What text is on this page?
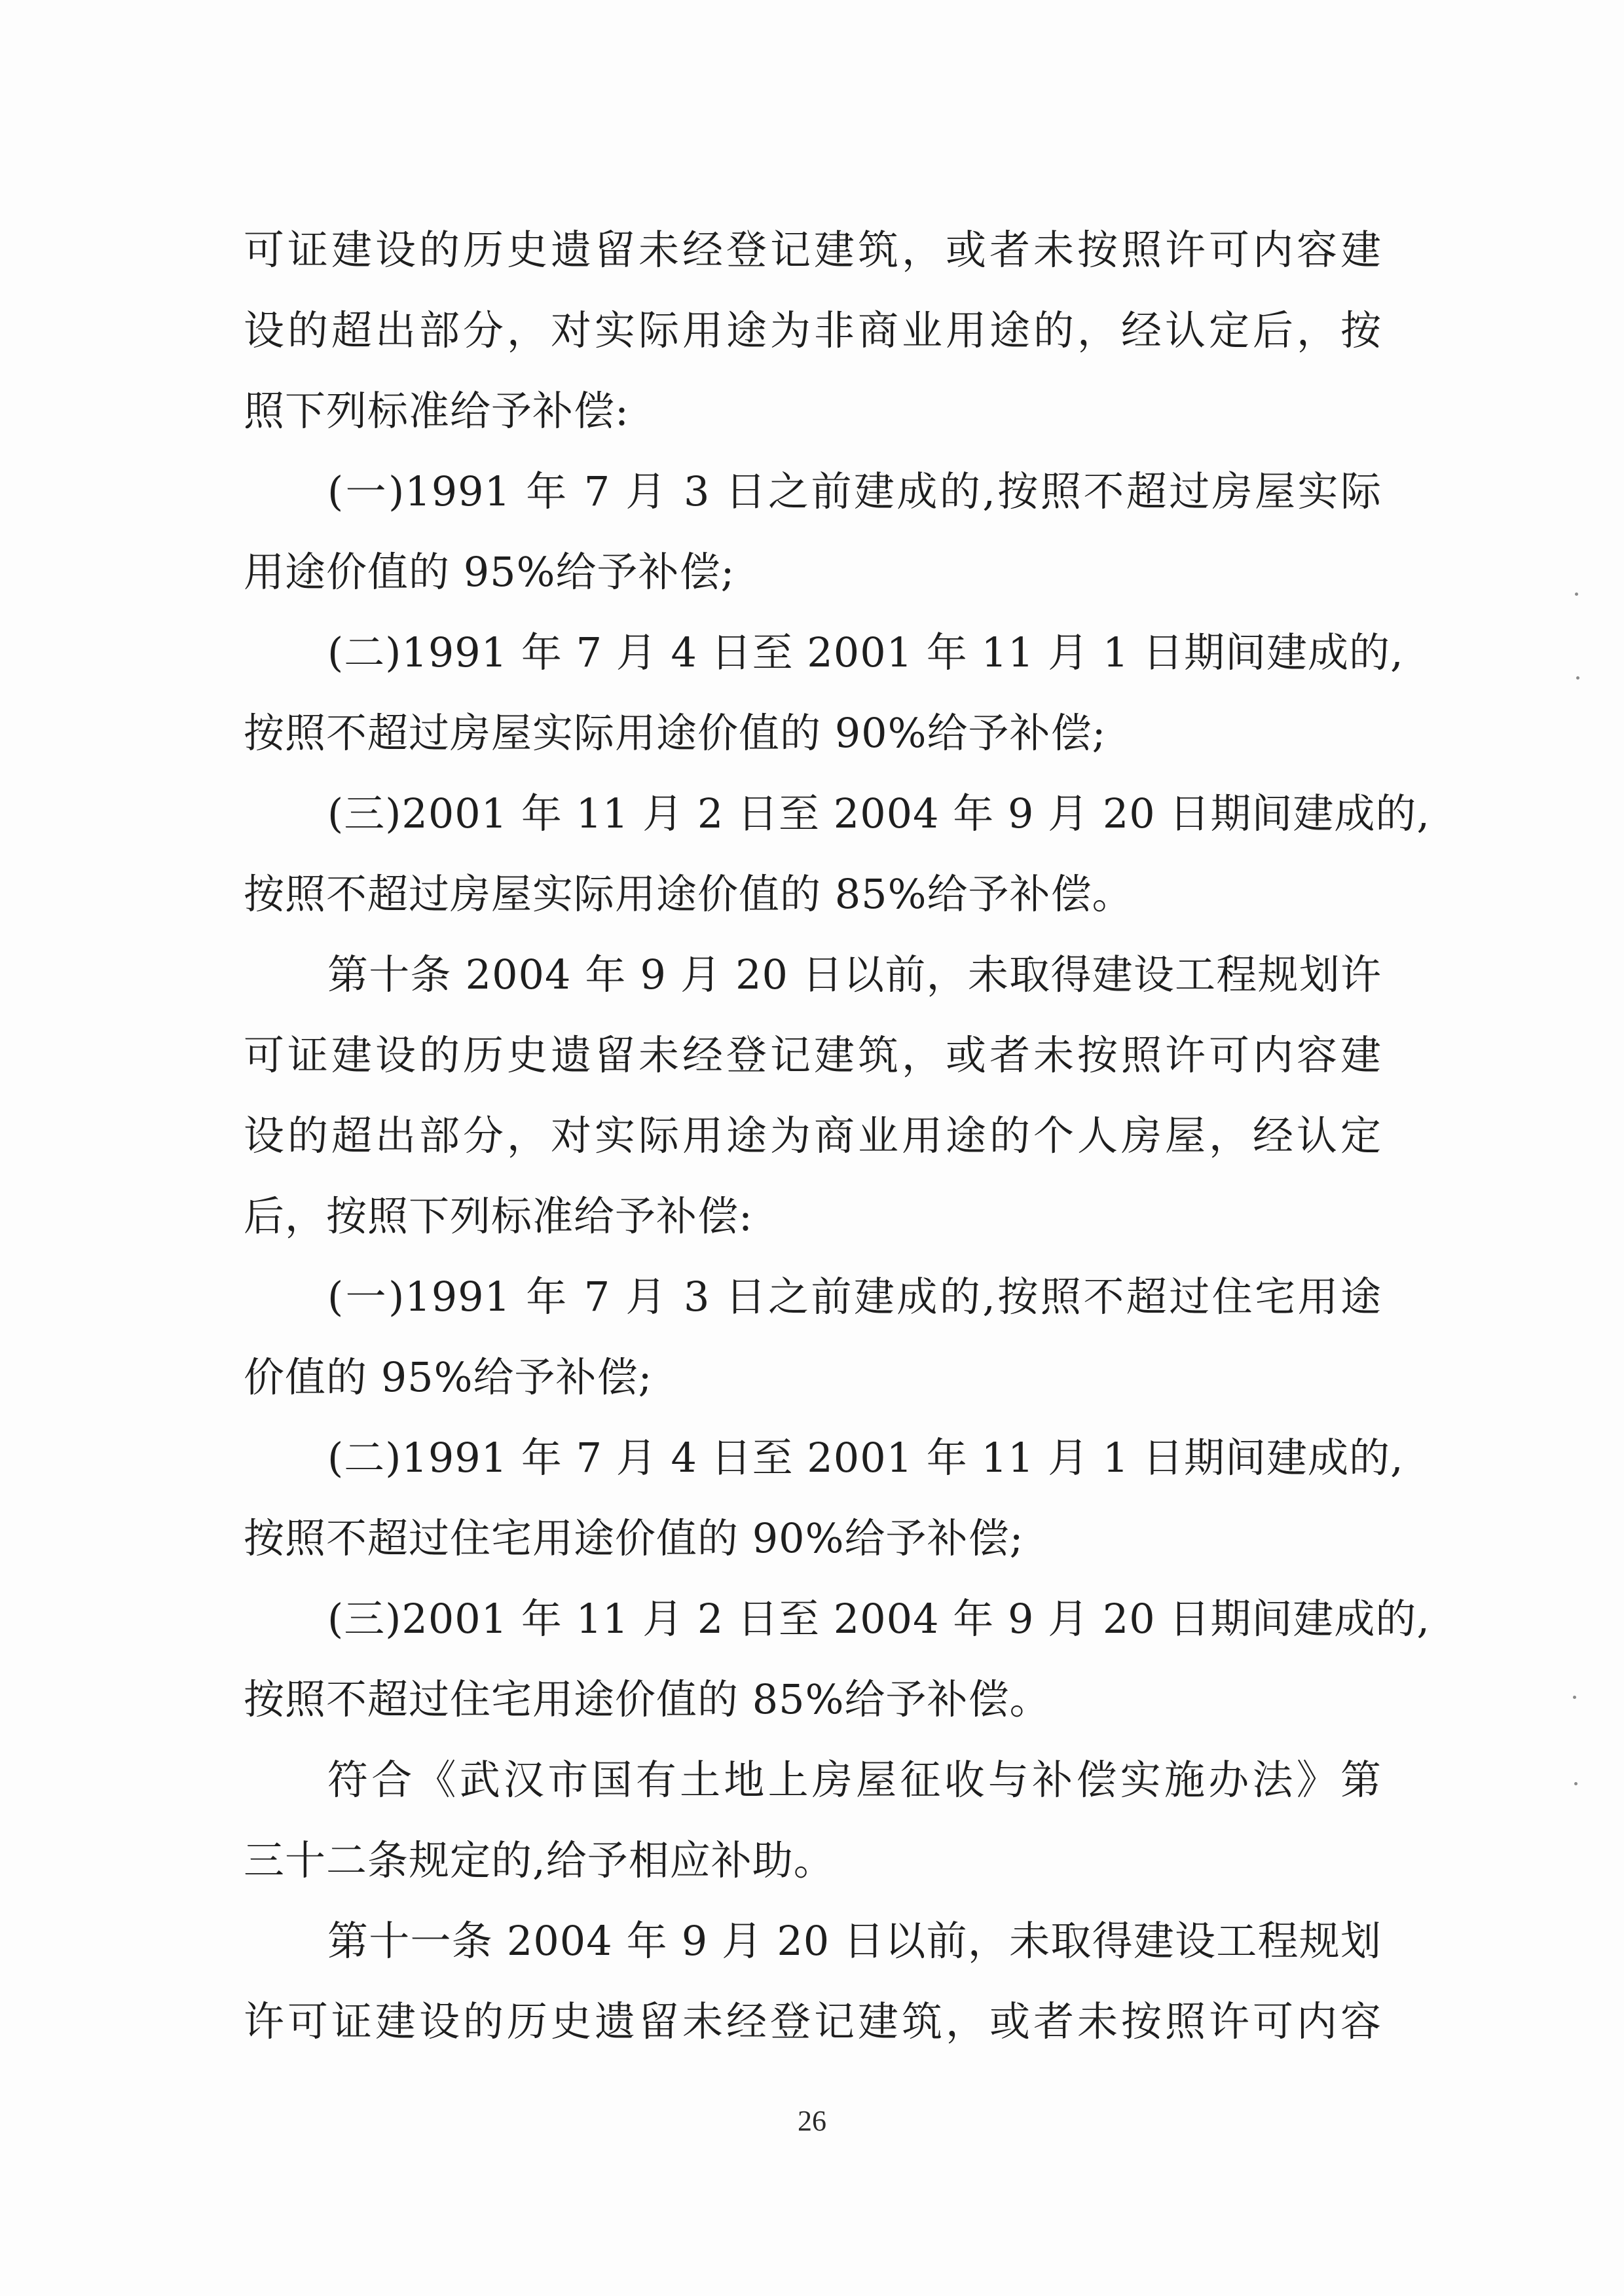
可证建设的历史遗留未经登记建筑，或者未按照许可内容建
设的超出部分，对实际用途为非商业用途的，经认定后，按
照下列标准给予补偿:
(一)1991 年 7 月 3 日之前建成的,按照不超过房屋实际
用途价值的 95%给予补偿;
(二)1991 年 7 月 4 日至 2001 年 11 月 1 日期间建成的,
按照不超过房屋实际用途价值的 90%给予补偿;
(三)2001 年 11 月 2 日至 2004 年 9 月 20 日期间建成的,
按照不超过房屋实际用途价值的 85%给予补偿。
第十条 2004 年 9 月 20 日以前，未取得建设工程规划许
可证建设的历史遗留未经登记建筑，或者未按照许可内容建
设的超出部分，对实际用途为商业用途的个人房屋，经认定
后，按照下列标准给予补偿:
(一)1991 年 7 月 3 日之前建成的,按照不超过住宅用途
价值的 95%给予补偿;
(二)1991 年 7 月 4 日至 2001 年 11 月 1 日期间建成的,
按照不超过住宅用途价值的 90%给予补偿;
(三)2001 年 11 月 2 日至 2004 年 9 月 20 日期间建成的,
按照不超过住宅用途价值的 85%给予补偿。
符合《武汉市国有土地上房屋征收与补偿实施办法》第
三十二条规定的,给予相应补助。
第十一条 2004 年 9 月 20 日以前，未取得建设工程规划
许可证建设的历史遗留未经登记建筑，或者未按照许可内容
26
